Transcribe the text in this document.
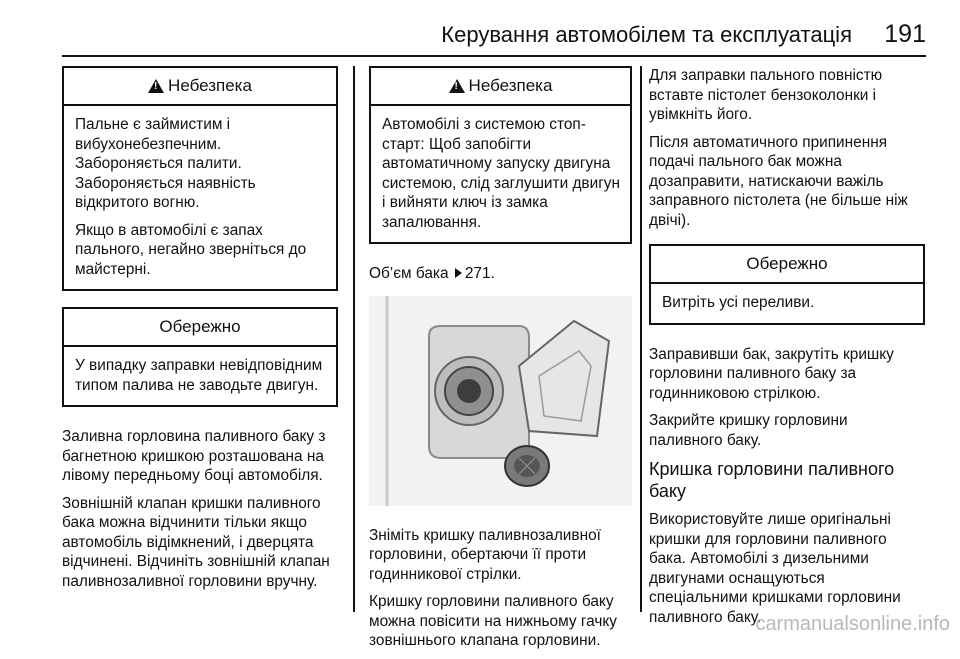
Керування автомобілем та експлуатація 191
!
Небезпека

Пальне є займистим і вибухонебезпечним. Забороняється палити. Забороняється наявність відкритого вогню.

Якщо в автомобілі є запах пального, негайно зверніться до майстерні.

Обережно

У випадку заправки невідповідним типом палива не заводьте двигун.

Заливна горловина паливного баку з багнетною кришкою розташована на лівому передньому боці автомобіля.

Зовнішній клапан кришки паливного бака можна відчинити тільки якщо автомобіль відімкнений, і дверцята відчинені. Відчиніть зовнішній клапан паливнозаливної горловини вручну.

!
Небезпека

Автомобілі з системою стоп-старт: Щоб запобігти автоматичному запуску двигуна системою, слід заглушити двигун і вийняти ключ із замка запалювання.

Об’єм бака 271.

Зніміть кришку паливнозаливної горловини, обертаючи її проти годинникової стрілки.

Кришку горловини паливного баку можна повісити на нижньому гачку зовнішнього клапана горловини.

Для заправки пального повністю вставте пістолет бензоколонки і увімкніть його.

Після автоматичного припинення подачі пального бак можна дозаправити, натискаючи важіль заправного пістолета (не більше ніж двічі).

Обережно

Витріть усі переливи.

Заправивши бак, закрутіть кришку горловини паливного баку за годинниковою стрілкою.

Закрийте кришку горловини паливного баку.

Кришка горловини паливного баку

Використовуйте лише оригінальні кришки для горловини паливного бака. Автомобілі з дизельними двигунами оснащуються спеціальними кришками горловини паливного баку.

carmanualsonline.info
